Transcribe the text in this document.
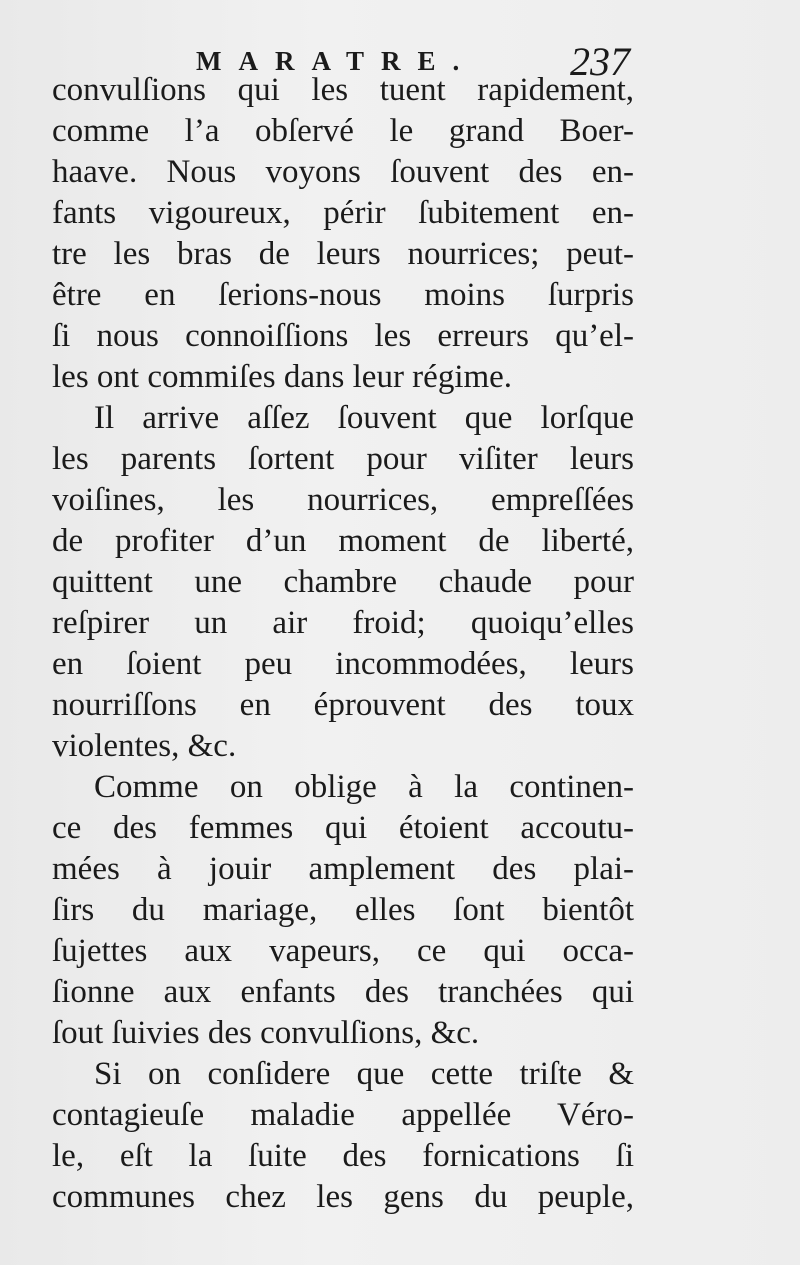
MARATRE. 237
convulſions qui les tuent rapidement,
comme l’a obſervé le grand Boer-
haave. Nous voyons ſouvent des en-
fants vigoureux, périr ſubitement en-
tre les bras de leurs nourrices; peut-
être en ſerions-nous moins ſurpris
ſi nous connoiſſions les erreurs qu’el-
les ont commiſes dans leur régime.
Il arrive aſſez ſouvent que lorſque
les parents ſortent pour viſiter leurs
voiſines, les nourrices, empreſſées
de profiter d’un moment de liberté,
quittent une chambre chaude pour
reſpirer un air froid; quoiqu’elles
en ſoient peu incommodées, leurs
nourriſſons en éprouvent des toux
violentes, &c.
Comme on oblige à la continen-
ce des femmes qui étoient accoutu-
mées à jouir amplement des plai-
ſirs du mariage, elles ſont bientôt
ſujettes aux vapeurs, ce qui occa-
ſionne aux enfants des tranchées qui
ſout ſuivies des convulſions, &c.
Si on conſidere que cette triſte &
contagieuſe maladie appellée Véro-
le, eſt la ſuite des fornications ſi
communes chez les gens du peuple,
